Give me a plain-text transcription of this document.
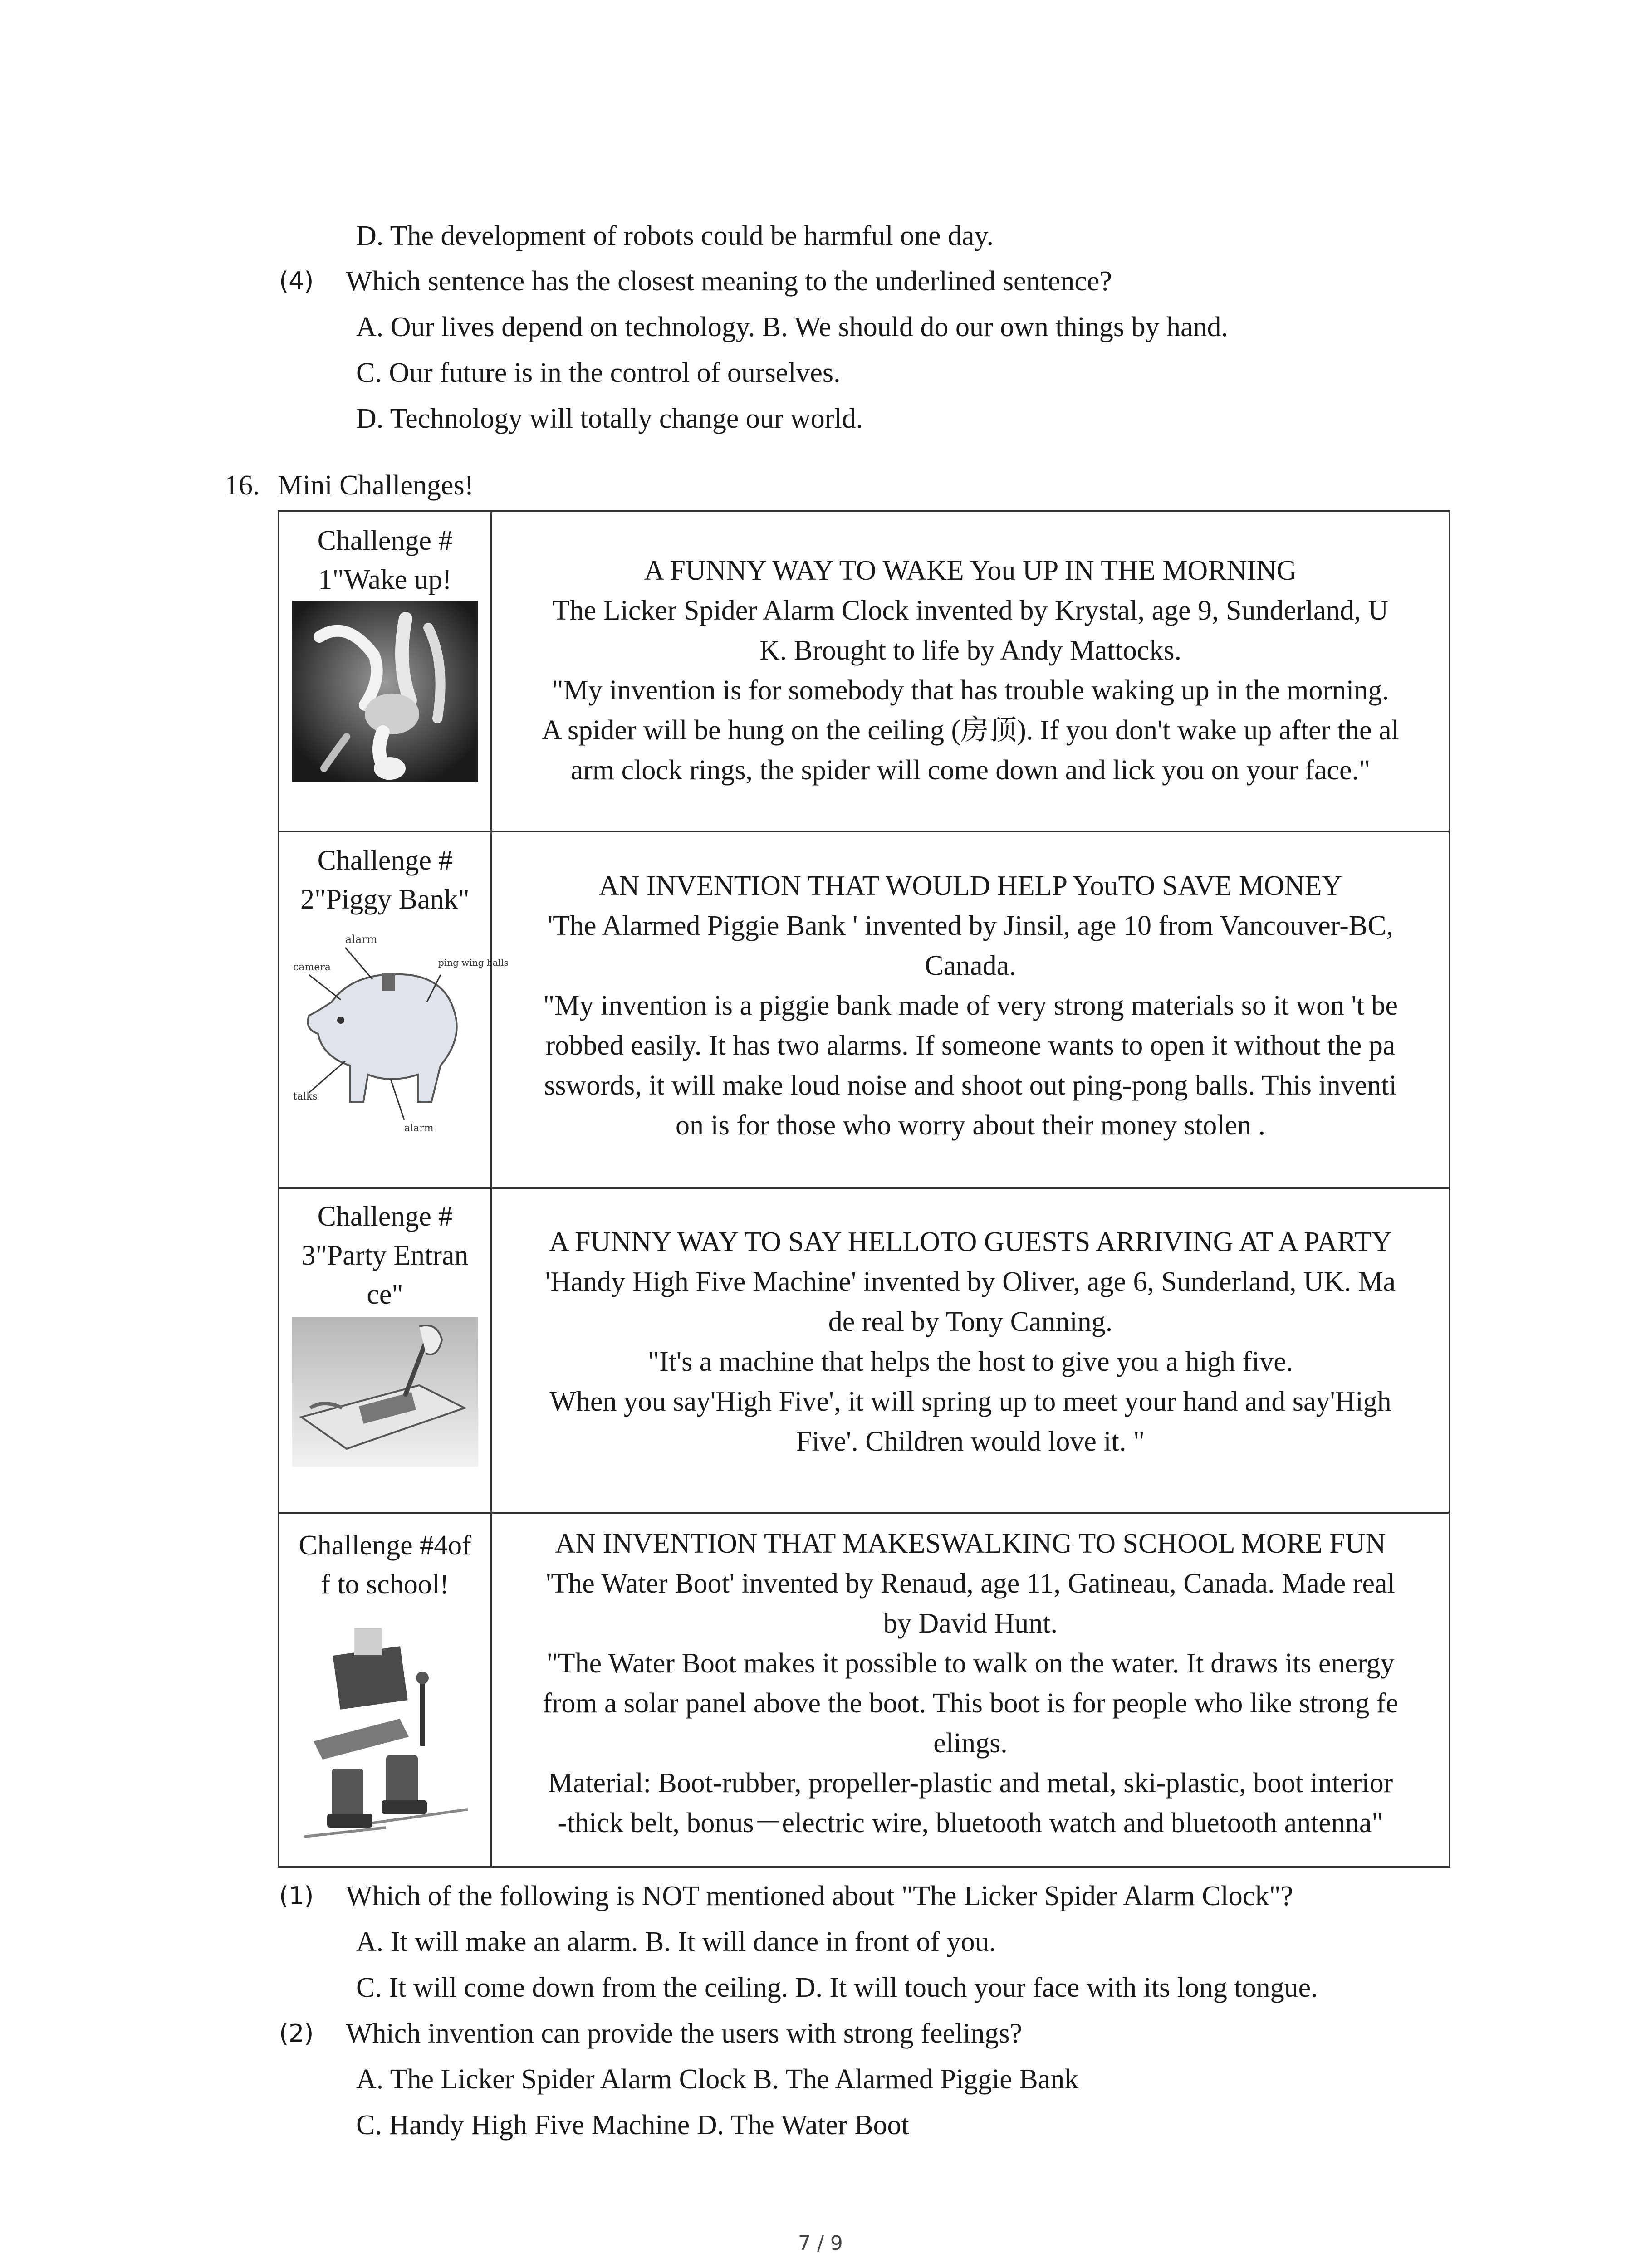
D. The development of robots could be harmful one day.
(4) Which sentence has the closest meaning to the underlined sentence?
A. Our lives depend on technology. B. We should do our own things by hand.
C. Our future is in the control of ourselves.
D. Technology will totally change our world.
16. Mini Challenges!
Challenge #
1"Wake up!	A FUNNY WAY TO WAKE You UP IN THE MORNING
The Licker Spider Alarm Clock invented by Krystal, age 9, Sunderland, U
K. Brought to life by Andy Mattocks.
"My invention is for somebody that has trouble waking up in the morning.
A spider will be hung on the ceiling (房顶). If you don't wake up after the al
arm clock rings, the spider will come down and lick you on your face."
Challenge #
2"Piggy Bank"
alarm
camera	ping wing balls
talks
alarm
AN INVENTION THAT WOULD HELP YouTO SAVE MONEY
'The Alarmed Piggie Bank ' invented by Jinsil, age 10 from Vancouver-BC,
Canada.
"My invention is a piggie bank made of very strong materials so it won 't be
robbed easily. It has two alarms. If someone wants to open it without the pa
sswords, it will make loud noise and shoot out ping-pong balls. This inventi
on is for those who worry about their money stolen .
Challenge #
3"Party Entran
ce"
A FUNNY WAY TO SAY HELLOTO GUESTS ARRIVING AT A PARTY
'Handy High Five Machine' invented by Oliver, age 6, Sunderland, UK. Ma
de real by Tony Canning.
"It's a machine that helps the host to give you a high five.
When you say'High Five', it will spring up to meet your hand and say'High
Five'. Children would love it. "
Challenge #4of
f to school!
AN INVENTION THAT MAKESWALKING TO SCHOOL MORE FUN
'The Water Boot' invented by Renaud, age 11, Gatineau, Canada. Made real
by David Hunt.
"The Water Boot makes it possible to walk on the water. It draws its energy
from a solar panel above the boot. This boot is for people who like strong fe
elings.
Material: Boot-rubber, propeller-plastic and metal, ski-plastic, boot interior
-thick belt, bonus－electric wire, bluetooth watch and bluetooth antenna"
(1) Which of the following is NOT mentioned about "The Licker Spider Alarm Clock"?
A. It will make an alarm. B. It will dance in front of you.
C. It will come down from the ceiling. D. It will touch your face with its long tongue.
(2) Which invention can provide the users with strong feelings?
A. The Licker Spider Alarm Clock B. The Alarmed Piggie Bank
C. Handy High Five Machine D. The Water Boot
7 / 9
